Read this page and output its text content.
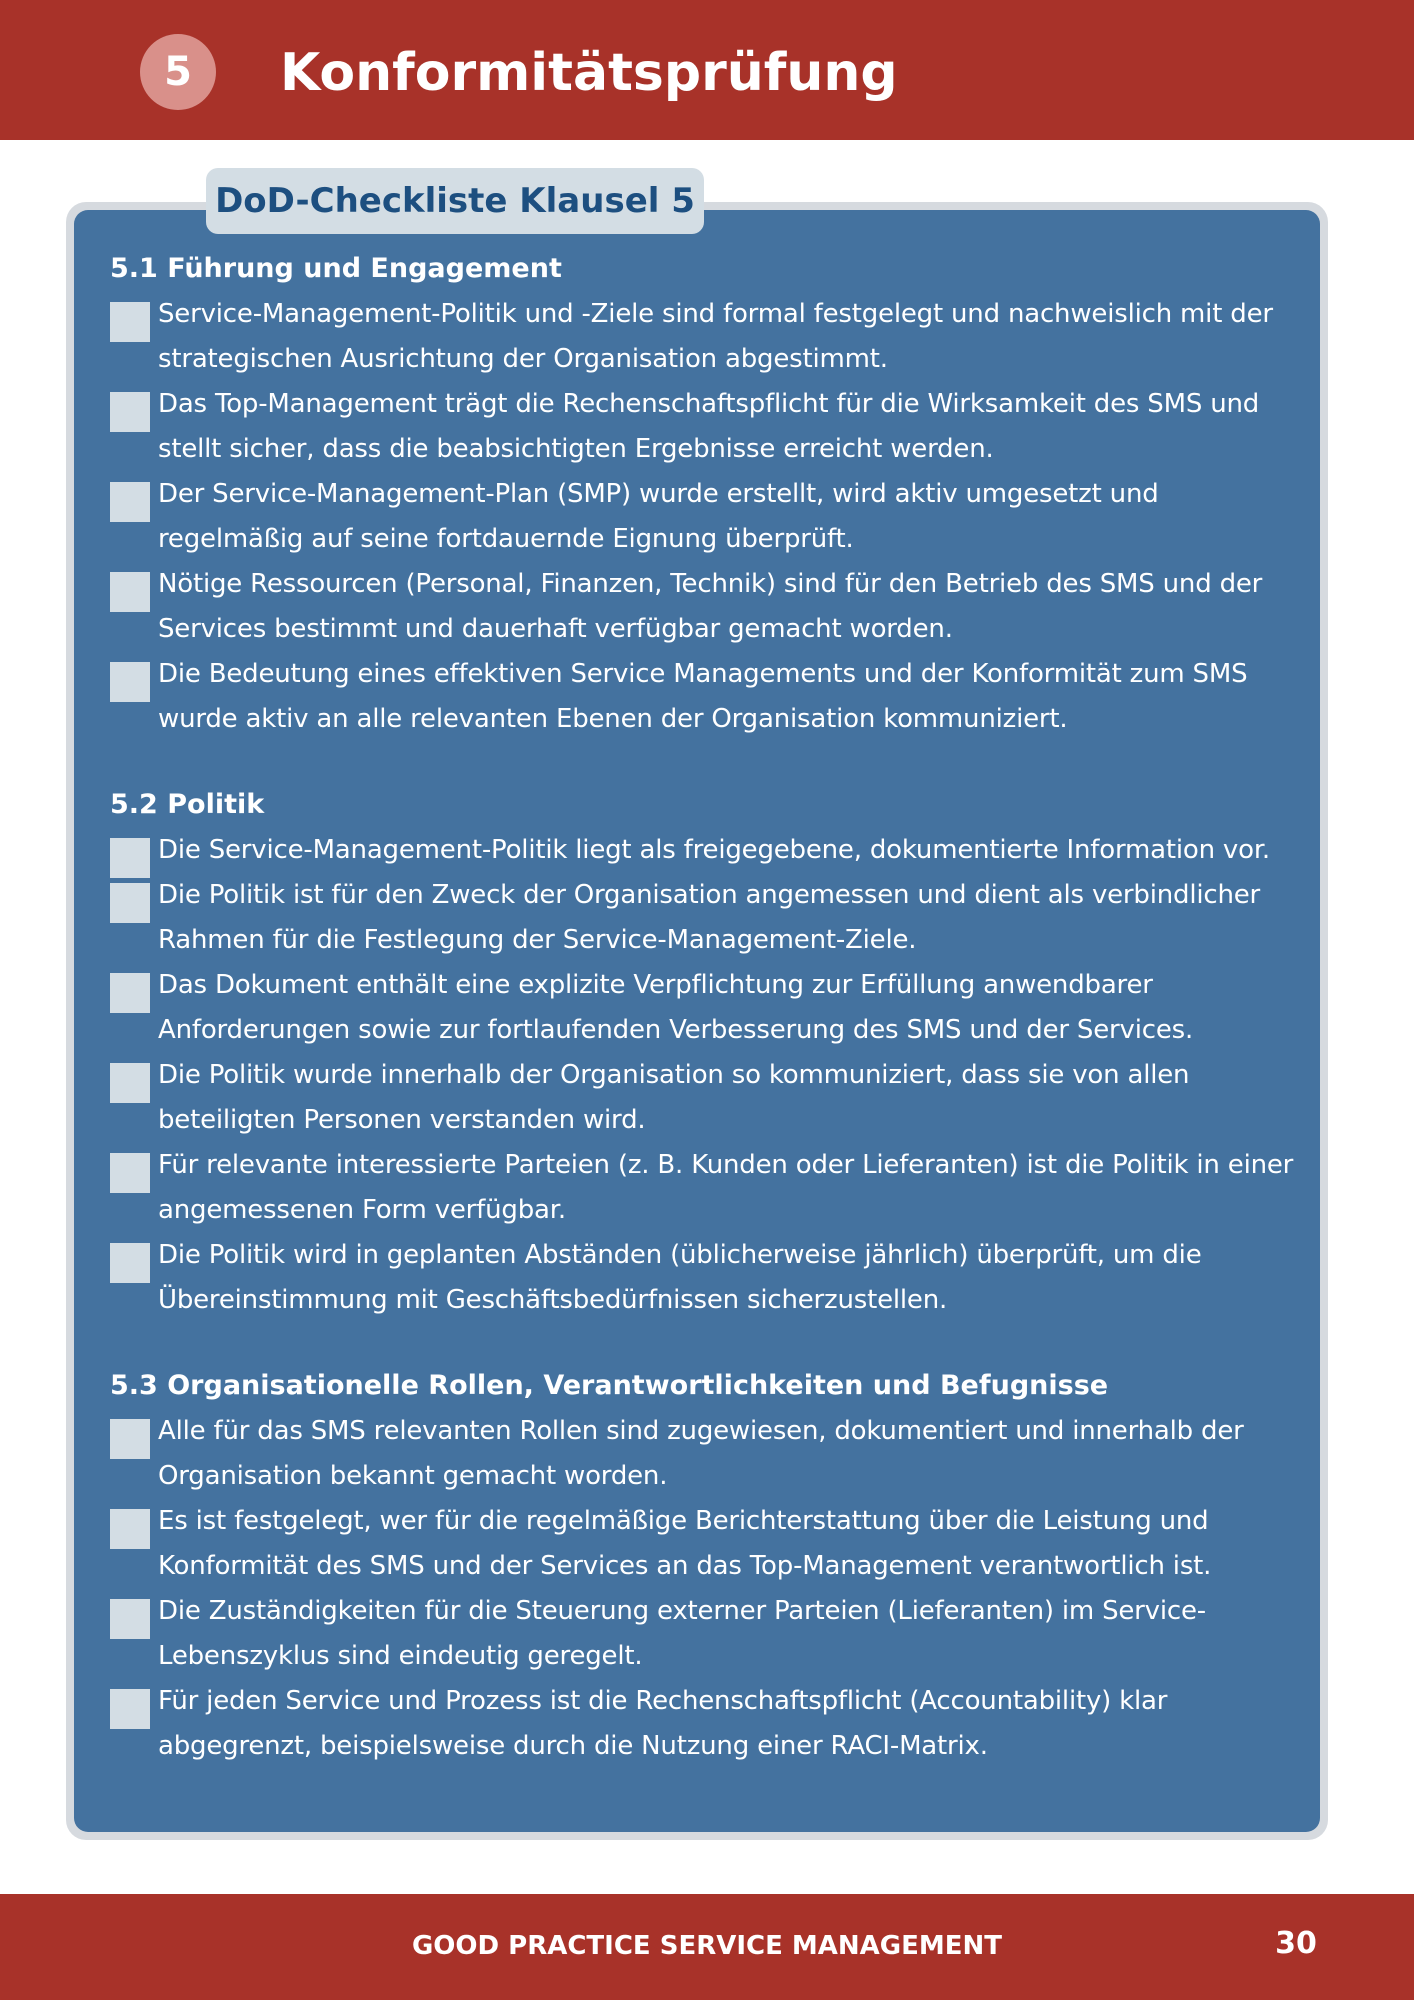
5	Konformitätsprüfung
DoD-Checkliste Klausel 5
5.1 Führung und Engagement
Service-Management-Politik und -Ziele sind formal festgelegt und nachweislich mit der strategischen Ausrichtung der Organisation abgestimmt.
Das Top-Management trägt die Rechenschaftspflicht für die Wirksamkeit des SMS und stellt sicher, dass die beabsichtigten Ergebnisse erreicht werden.
Der Service-Management-Plan (SMP) wurde erstellt, wird aktiv umgesetzt und regelmäßig auf seine fortdauernde Eignung überprüft.
Nötige Ressourcen (Personal, Finanzen, Technik) sind für den Betrieb des SMS und der Services bestimmt und dauerhaft verfügbar gemacht worden.
Die Bedeutung eines effektiven Service Managements und der Konformität zum SMS wurde aktiv an alle relevanten Ebenen der Organisation kommuniziert.
5.2 Politik
Die Service-Management-Politik liegt als freigegebene, dokumentierte Information vor.
Die Politik ist für den Zweck der Organisation angemessen und dient als verbindlicher Rahmen für die Festlegung der Service-Management-Ziele.
Das Dokument enthält eine explizite Verpflichtung zur Erfüllung anwendbarer Anforderungen sowie zur fortlaufenden Verbesserung des SMS und der Services.
Die Politik wurde innerhalb der Organisation so kommuniziert, dass sie von allen beteiligten Personen verstanden wird.
Für relevante interessierte Parteien (z. B. Kunden oder Lieferanten) ist die Politik in einer angemessenen Form verfügbar.
Die Politik wird in geplanten Abständen (üblicherweise jährlich) überprüft, um die Übereinstimmung mit Geschäftsbedürfnissen sicherzustellen.
5.3 Organisationelle Rollen, Verantwortlichkeiten und Befugnisse
Alle für das SMS relevanten Rollen sind zugewiesen, dokumentiert und innerhalb der Organisation bekannt gemacht worden.
Es ist festgelegt, wer für die regelmäßige Berichterstattung über die Leistung und Konformität des SMS und der Services an das Top-Management verantwortlich ist.
Die Zuständigkeiten für die Steuerung externer Parteien (Lieferanten) im Service-Lebenszyklus sind eindeutig geregelt.
Für jeden Service und Prozess ist die Rechenschaftspflicht (Accountability) klar abgegrenzt, beispielsweise durch die Nutzung einer RACI-Matrix.
GOOD PRACTICE SERVICE MANAGEMENT	30
